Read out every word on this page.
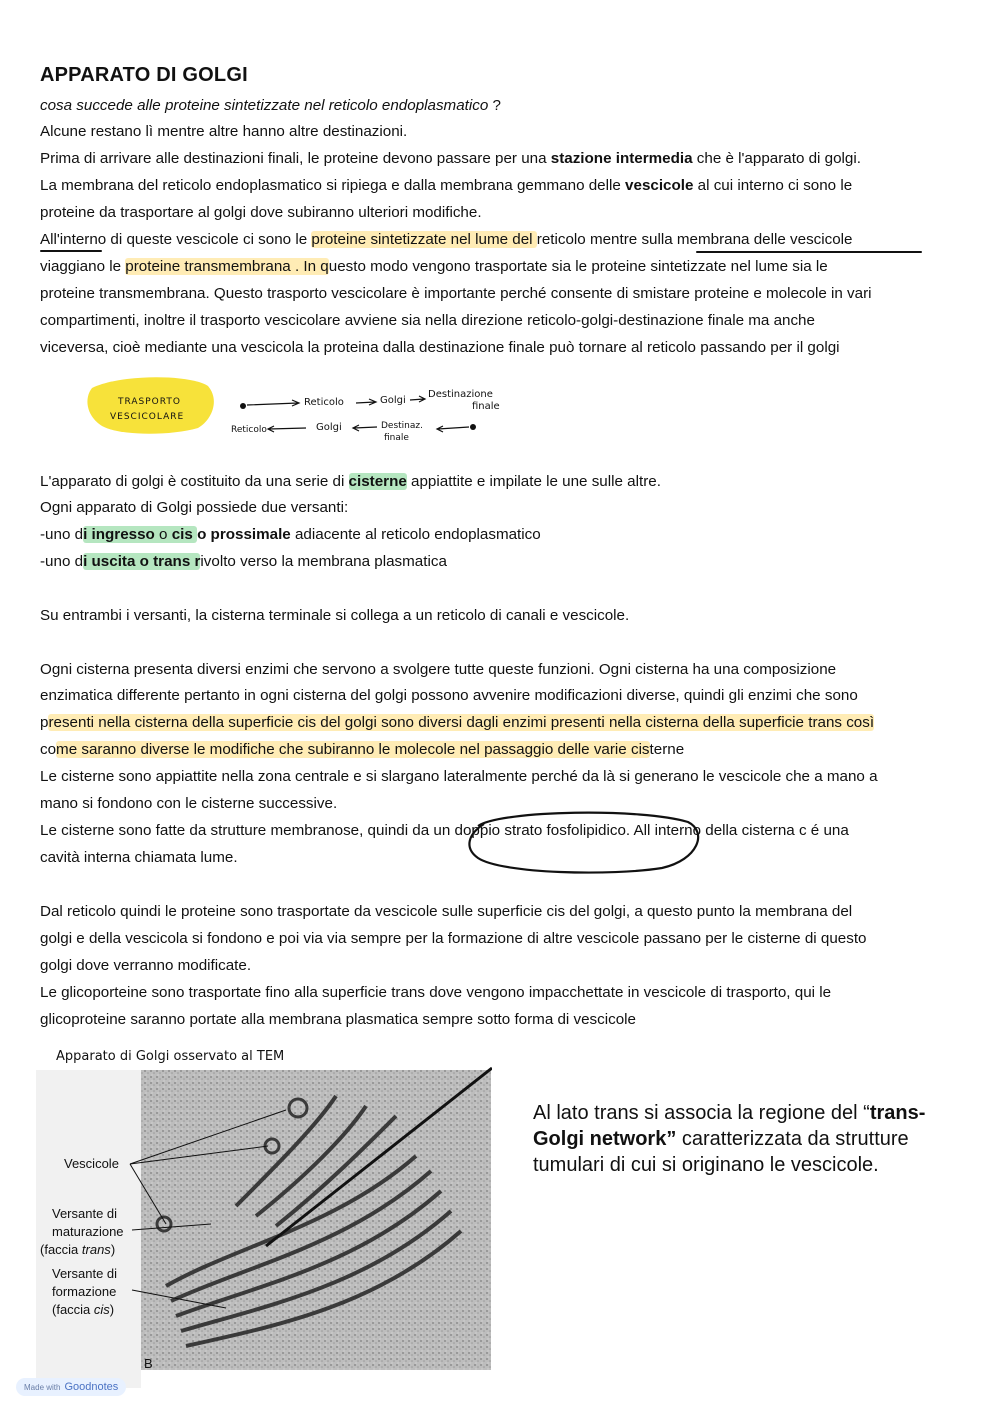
APPARATO DI GOLGI
cosa succede alle proteine sintetizzate nel reticolo endoplasmatico ?
Alcune restano lì mentre altre hanno altre destinazioni.
Prima di arrivare alle destinazioni finali, le proteine devono passare per una stazione intermedia che è l'apparato di golgi.
La membrana del reticolo endoplasmatico si ripiega e dalla membrana gemmano delle vescicole al cui interno ci sono le
proteine da trasportare al golgi dove subiranno ulteriori modifiche.
All'interno di queste vescicole ci sono le proteine sintetizzate nel lume del reticolo mentre sulla membrana delle vescicole
viaggiano le proteine transmembrana . In questo modo vengono trasportate sia le proteine sintetizzate nel lume sia le
proteine transmembrana. Questo trasporto vescicolare è importante perché consente di smistare proteine e molecole in vari
compartimenti, inoltre il trasporto vescicolare avviene sia nella direzione reticolo-golgi-destinazione finale ma anche
viceversa, cioè mediante una vescicola la proteina dalla destinazione finale può tornare al reticolo passando per il golgi
TRASPORTO
VESCICOLARE
Reticolo	Golgi
Destinazione
finale
Reticolo	Golgi	Destinaz.
finale
L'apparato di golgi è costituito da una serie di cisterne appiattite e impilate le une sulle altre.
Ogni apparato di Golgi possiede due versanti:
-uno di ingresso o cis o prossimale adiacente al reticolo endoplasmatico
-uno di uscita o trans rivolto verso la membrana plasmatica
Su entrambi i versanti, la cisterna terminale si collega a un reticolo di canali e vescicole.
Ogni cisterna presenta diversi enzimi che servono a svolgere tutte queste funzioni. Ogni cisterna ha una composizione
enzimatica differente pertanto in ogni cisterna del golgi possono avvenire modificazioni diverse, quindi gli enzimi che sono
presenti nella cisterna della superficie cis del golgi sono diversi dagli enzimi presenti nella cisterna della superficie trans così
come saranno diverse le modifiche che subiranno le molecole nel passaggio delle varie cisterne
Le cisterne sono appiattite nella zona centrale e si slargano lateralmente perché da là si generano le vescicole che a mano a
mano si fondono con le cisterne successive.
Le cisterne sono fatte da strutture membranose, quindi da un doppio strato fosfolipidico. All interno della cisterna c é una
cavità interna chiamata lume.
Dal reticolo quindi le proteine sono trasportate da vescicole sulle superficie cis del golgi, a questo punto la membrana del
golgi e della vescicola si fondono e poi via via sempre per la formazione di altre vescicole passano per le cisterne di questo
golgi dove verranno modificate.
Le glicoporteine sono trasportate fino alla superficie trans dove vengono impacchettate in vescicole di trasporto, qui le
glicoproteine saranno portate alla membrana plasmatica sempre sotto forma di vescicole
Apparato di Golgi osservato al TEM
Vescicole
Versante di
maturazione
(faccia trans)
Versante di
formazione
(faccia cis)
B
Al lato trans si associa la regione del “trans-Golgi network” caratterizzata da strutture tumulari di cui si originano le vescicole.
Made with Goodnotes
